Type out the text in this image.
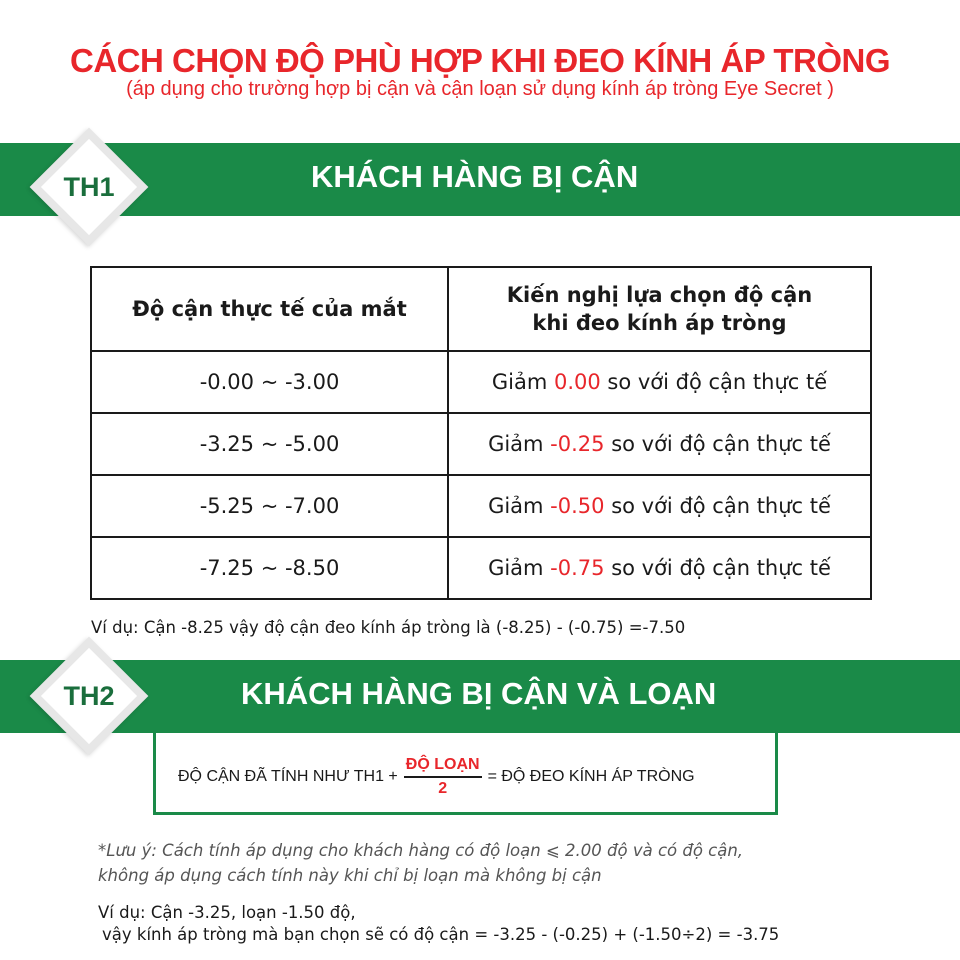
CÁCH CHỌN ĐỘ PHÙ HỢP KHI ĐEO KÍNH ÁP TRÒNG
(áp dụng cho trường hợp bị cận và cận loạn sử dụng kính áp tròng Eye Secret )
KHÁCH HÀNG BỊ CẬN
TH1
Độ cận thực tế của mắt	Kiến nghị lựa chọn độ cận
khi đeo kính áp tròng

-0.00 ~ -3.00	Giảm 0.00 so với độ cận thực tế
-3.25 ~ -5.00	Giảm -0.25 so với độ cận thực tế
-5.25 ~ -7.00	Giảm -0.50 so với độ cận thực tế
-7.25 ~ -8.50	Giảm -0.75 so với độ cận thực tế
Ví dụ: Cận -8.25 vậy độ cận đeo kính áp tròng là (-8.25) - (-0.75) =-7.50
KHÁCH HÀNG BỊ CẬN VÀ LOẠN
TH2
ĐỘ CẬN ĐÃ TÍNH NHƯ $TH1 + \frac{\text{ĐỘ LOẠN}}{2}$ = ĐỘ ĐEO KÍNH ÁP TRÒNG
*Lưu ý: Cách tính áp dụng cho khách hàng có độ loạn ⩽ 2.00 độ và có độ cận,
không áp dụng cách tính này khi chỉ bị loạn mà không bị cận
Ví dụ: Cận -3.25, loạn -1.50 độ,
vậy kính áp tròng mà bạn chọn sẽ có độ cận = -3.25 - (-0.25) + (-1.50÷2) = -3.75
